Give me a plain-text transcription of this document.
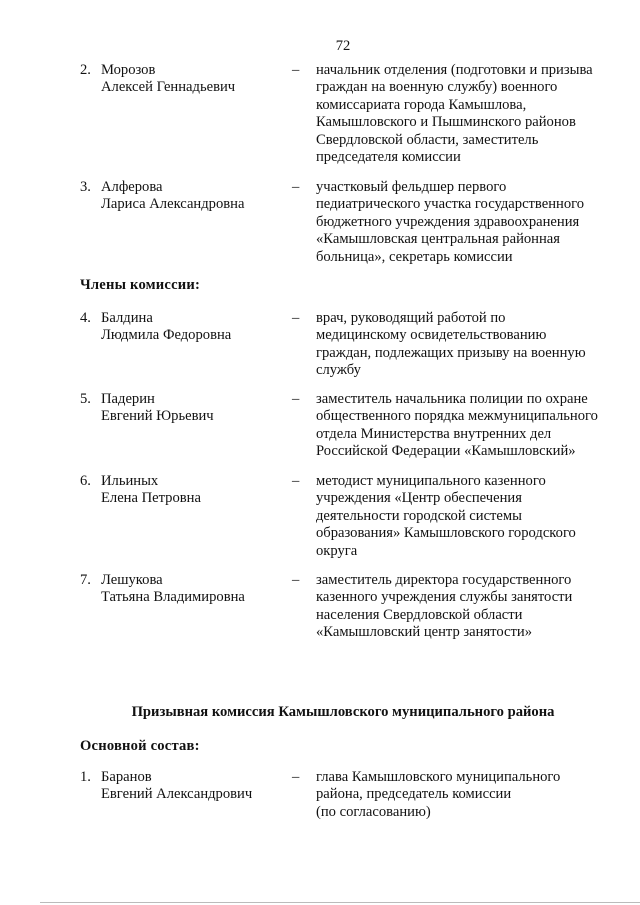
72
2. Морозов
Алексей Геннадьевич
– начальник отделения (подготовки и призыва
граждан на военную службу) военного
комиссариата города Камышлова,
Камышловского и Пышминского районов
Свердловской области, заместитель
председателя комиссии
3. Алферова
Лариса Александровна
– участковый фельдшер первого
педиатрического участка государственного
бюджетного учреждения здравоохранения
«Камышловская центральная районная
больница», секретарь комиссии
Члены комиссии:
4. Балдина
Людмила Федоровна
– врач, руководящий работой по
медицинскому освидетельствованию
граждан, подлежащих призыву на военную
службу
5. Падерин
Евгений Юрьевич
– заместитель начальника полиции по охране
общественного порядка межмуниципального
отдела Министерства внутренних дел
Российской Федерации «Камышловский»
6. Ильиных
Елена Петровна
– методист муниципального казенного
учреждения «Центр обеспечения
деятельности городской системы
образования» Камышловского городского
округа
7. Лешукова
Татьяна Владимировна
– заместитель директора государственного
казенного учреждения службы занятости
населения Свердловской области
«Камышловский центр занятости»
Призывная комиссия Камышловского муниципального района
Основной состав:
1. Баранов
Евгений Александрович
– глава Камышловского муниципального
района, председатель комиссии
(по согласованию)
